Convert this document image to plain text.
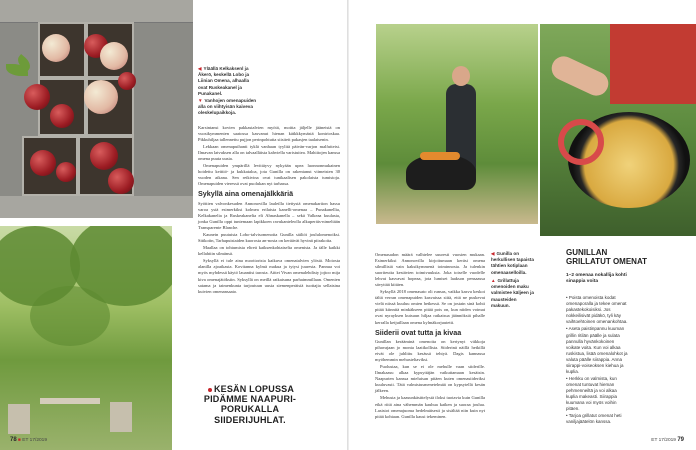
◀ Yläällä Kelkaksenl ja Åkerö, keskellä Lobo ja Liinian Omena, alhaalla ovat Ruskeakanel ja Punakanel.
▼ Vanhojen omenapuiden alla on viihtyisän kaiveva oleskelupaikkoja.

Karsintansi kovien pakkastalvien myötä, moitta jäljelle jääneistä on vuosikymmenten saatossa kasvanut hienan kätkkkymästä kontrioskaa. Pikkuhiljaa tallennettu pujjon perinpohtutta siisiteit pakasjen taalaisenin.

Lekkaan omenapuihanti tyklä vanhaan tyylitä päivän-varjon malfutteist. Ilmavan latvuksen alla on talvaalläista kahviella varistuitea. Mahiitojen kanssa omena puuta uusia.

Omenapuiden ympärillä levittäyvy nykyään upea luonnonmukainen hoidettu keittiö- ja kukkataloa, jota Gunilla on rakentanut viimeisten 30 vuoden aikana. Sen reikivina ovat tunikaalisen pakolaista tumistoja. Omenapuiden vieressä ovat puolukan nyt tarhassa.

Sykyllä aina omenajälkkäriä

Syöttien valvonkesuden Annonovilla lauleilla tiettystä omenakartion hassu varoa ystä esimerkiksi kolmea erilaista kanelli-omenaa – Punakanellia, Kelkakanelia ja Ruskeakanelia eli Ahnaskanella – sekä Valkeaa kuulasta, jonka Gunilla oppi tuntemaan lapikkoen ravukanteleolla alkuperäis-nimeltään Transparente Blanche.

Kaunein puutuista Lobo-talvisomenoita Gunilla säiliöi joululomenoiksi. Sitikoiin, Tarhapuistaiden kuorosta an-nosta on keräävät hyvinä piirakoita.

Maallaa on tohtumista eltreä kaiksenkohtaiselta omenista. Ja tälle kaikki kellahtiin silmänsä.

Syksyllä ei tule aina moottorista kaikuva omenatalvien ylöstä. Moiosta alanilla ajoaikasta. Kovitanna kylmä makua ja tytysi juuresta. Pannua voi myös myhdessä käytö lauantisi tarosta. Aittei Vivan omenalehdisty jojtoo mija kiva omenajätöksiin. Syksyllä on meillä ratkaisuna parhaimmillaan. Omenien satama ja taimenkunta tarjoutuun uusia siemenperäisiä tuottajia sellaisina kuivien omenansaato.

KESÄN LOPUSSA
PIDÄMME NAAPURI-
PORUKALLA
SIIDERIJUHLAT.
78 ■ ET 17/2019
◀ Gunilla on herkullisen tapaista tähtien kotiplaan omenaaselloilla.
▲ Grillattuja omenoiden maku valmistee käljeen ja mausteiden makuun.

Omenasadon määrä valhtelee suuresti vuosien mukaan. Esimerkiksi Annonovilla kirjoitumaan keräsi omena silmillisiä vain kaksikymmenä toiminnosta. Ja tulenkin suoriteutta kestävien toimivuuksia. Joka toiselle vuodelle lehvat kasvavat hopeaa, jota lumiset laakson pensaassa sävyttää kiitäen.

Syksyllä 2018 omenasato oli runsas, vaikka kasvu keskoi tältä verran omenapuiden kasvaissa siitä, että ne puskevat vielä niissä kuuluu omien hetkessä. Se on jostain sinä kohti pitää kiinnitä minkäkseen pitää pois on, kun niiden voimat ovat nyrayksen kutsuun hiljaa ratkaisua jäännöksiä pihalle kerralla ketjuillaan omena kylmäkorjuutetti.

Siiderii ovat tutta ja kivaa

Gunillan kerääminä omenoita on kertynyt viikkoja pihavajaan jo monta laatikollista. Siiderinä näillä hetkillä eivät ole juhlittu kesässä tehtyä. Dagis kannassa myöhemmin mehusteltaviksi.

Puolustaa, kun se ei ole mehulle vaan siiderille. Ilmakaasu alkaa kypsyttäjän vaikuttamaan kesäisin. Naapurien kanssa mieluisan pitäen kuten omenasiideriksi kuuluvasti. Tätä valmistusmenetelmää on kypsytellä kesän jälkeen.

Mehusta ja kaasunkäsittelystä iloksi tuotavia kuin Gunilla eikä riitä aina vähemmän kauhua kaiken ja suoraa joulua. Lasistot omenajuoma hedelmäisesti ja sisältää niin kuin nyt pitää kohtaan. Gunilla kausi tekeminen.

ET 17/2019 79
GUNILLAN
GRILLATUT OMENAT
1–2 omenaa nokallija kohti sinappia voita
• Poista omenoista kodat omenaporalla ja tekee omenat pakastekokoisiksi. Jos nokkeilisivät pidäkö, tyli käy vaihtoehtoinen omenankohtaa.
• Aseta paistinpannu kuuman grillin ritilän päälle ja sulata pannulla hyvänkokoinen voikate voita. Kun voi alkaa ruskistua, lisää omenalohkot ja valuta päälle siirappia. Anna siirappi-voiseoksen kiehua ja kuplia.
• Herkku on valmista, kun omenat tuntuvat hieman pehmenneiltä ja voi alkaa kuplia makeasti. Siirappia kuumana voi myös voihin pitäen.
• Tarjoa grillatut omenat heti vaniljajäätelön kanssa.
